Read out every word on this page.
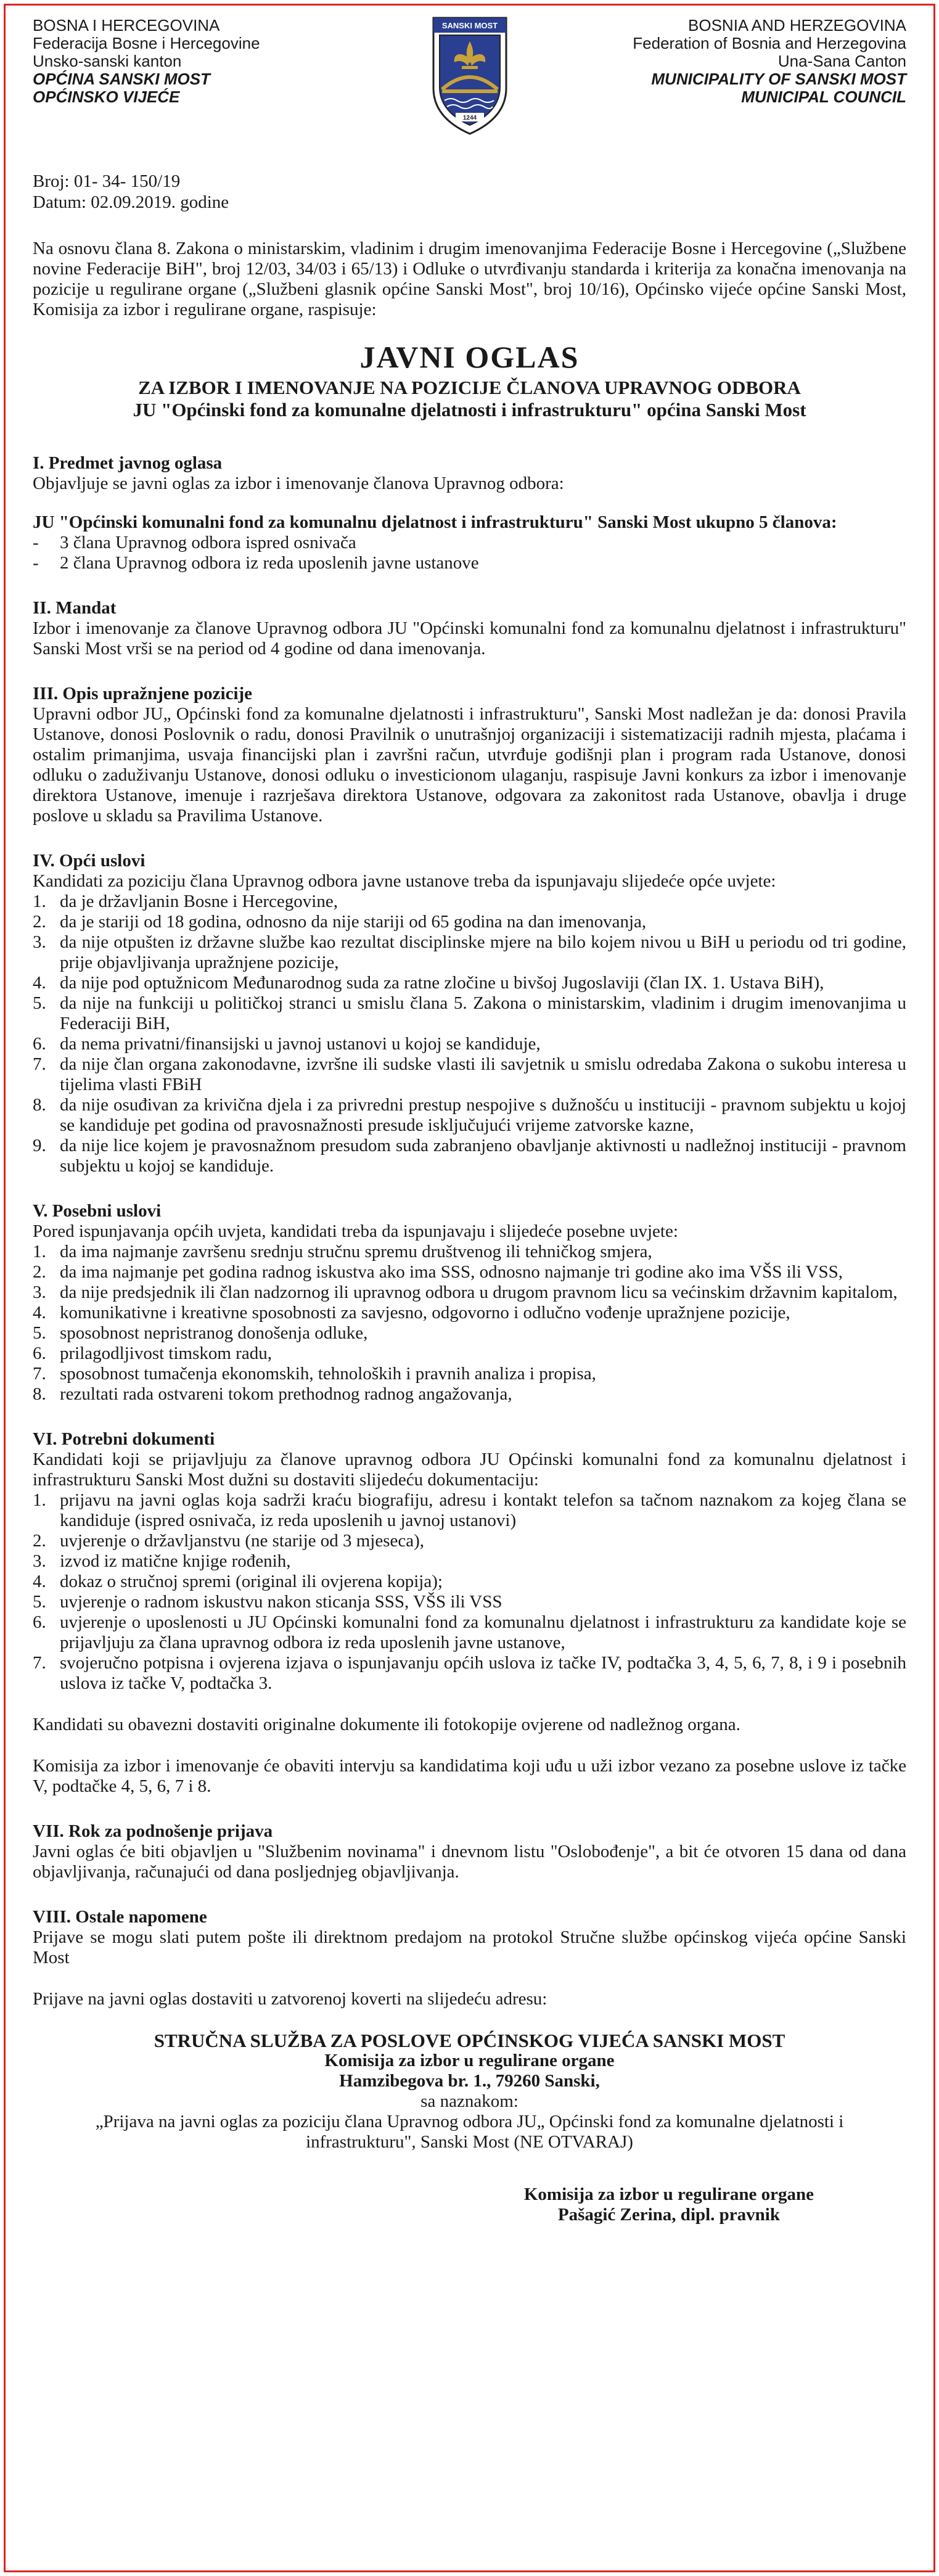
BOSNA I HERCEGOVINA
Federacija Bosne i Hercegovine
Unsko-sanski kanton
OPĆINA SANSKI MOST
OPĆINSKO VIJEĆE
SANSKI MOST
1244
BOSNIA AND HERZEGOVINA
Federation of Bosnia and Herzegovina
Una-Sana Canton
MUNICIPALITY OF SANSKI MOST
MUNICIPAL COUNCIL
Broj: 01- 34- 150/19
Datum: 02.09.2019. godine

Na osnovu člana 8. Zakona o ministarskim, vladinim i drugim imenovanjima Federacije Bosne i Hercegovine („Službene novine Federacije BiH", broj 12/03, 34/03 i 65/13) i Odluke o utvrđivanju standarda i kriterija za konačna imenovanja na pozicije u regulirane organe („Službeni glasnik općine Sanski Most", broj 10/16), Općinsko vijeće općine Sanski Most, Komisija za izbor i regulirane organe, raspisuje:

JAVNI OGLAS
ZA IZBOR I IMENOVANJE NA POZICIJE ČLANOVA UPRAVNOG ODBORA
JU "Općinski fond za komunalne djelatnosti i infrastrukturu" općina Sanski Most
I. Predmet javnog oglasa

Objavljuje se javni oglas za izbor i imenovanje članova Upravnog odbora:

JU "Općinski komunalni fond za komunalnu djelatnost i infrastrukturu" Sanski Most ukupno 5 članova:

- 3 člana Upravnog odbora ispred osnivača
- 2 člana Upravnog odbora iz reda uposlenih javne ustanove
II. Mandat

Izbor i imenovanje za članove Upravnog odbora JU "Općinski komunalni fond za komunalnu djelatnost i infrastrukturu" Sanski Most vrši se na period od 4 godine od dana imenovanja.

III. Opis upražnjene pozicije

Upravni odbor JU„ Općinski fond za komunalne djelatnosti i infrastrukturu", Sanski Most nadležan je da: donosi Pravila Ustanove, donosi Poslovnik o radu, donosi Pravilnik o unutrašnjoj organizaciji i sistematizaciji radnih mjesta, plaćama i ostalim primanjima, usvaja financijski plan i završni račun, utvrđuje godišnji plan i program rada Ustanove, donosi odluku o zaduživanju Ustanove, donosi odluku o investicionom ulaganju, raspisuje Javni konkurs za izbor i imenovanje direktora Ustanove, imenuje i razrješava direktora Ustanove, odgovara za zakonitost rada Ustanove, obavlja i druge poslove u skladu sa Pravilima Ustanove.

IV. Opći uslovi

Kandidati za poziciju člana Upravnog odbora javne ustanove treba da ispunjavaju slijedeće opće uvjete:

1. da je državljanin Bosne i Hercegovine,
2. da je stariji od 18 godina, odnosno da nije stariji od 65 godina na dan imenovanja,
3. da nije otpušten iz državne službe kao rezultat disciplinske mjere na bilo kojem nivou u BiH u periodu od tri godine, prije objavljivanja upražnjene pozicije,
4. da nije pod optužnicom Međunarodnog suda za ratne zločine u bivšoj Jugoslaviji (član IX. 1. Ustava BiH),
5. da nije na funkciji u političkoj stranci u smislu člana 5. Zakona o ministarskim, vladinim i drugim imenovanjima u Federaciji BiH,
6. da nema privatni/finansijski u javnoj ustanovi u kojoj se kandiduje,
7. da nije član organa zakonodavne, izvršne ili sudske vlasti ili savjetnik u smislu odredaba Zakona o sukobu interesa u tijelima vlasti FBiH
8. da nije osuđivan za krivična djela i za privredni prestup nespojive s dužnošću u instituciji - pravnom subjektu u kojoj se kandiduje pet godina od pravosnažnosti presude isključujući vrijeme zatvorske kazne,
9. da nije lice kojem je pravosnažnom presudom suda zabranjeno obavljanje aktivnosti u nadležnoj instituciji - pravnom subjektu u kojoj se kandiduje.
V. Posebni uslovi

Pored ispunjavanja općih uvjeta, kandidati treba da ispunjavaju i slijedeće posebne uvjete:

1. da ima najmanje završenu srednju stručnu spremu društvenog ili tehničkog smjera,
2. da ima najmanje pet godina radnog iskustva ako ima SSS, odnosno najmanje tri godine ako ima VŠS ili VSS,
3. da nije predsjednik ili član nadzornog ili upravnog odbora u drugom pravnom licu sa većinskim državnim kapitalom,
4. komunikativne i kreativne sposobnosti za savjesno, odgovorno i odlučno vođenje upražnjene pozicije,
5. sposobnost nepristranog donošenja odluke,
6. prilagodljivost timskom radu,
7. sposobnost tumačenja ekonomskih, tehnoloških i pravnih analiza i propisa,
8. rezultati rada ostvareni tokom prethodnog radnog angažovanja,
VI. Potrebni dokumenti

Kandidati koji se prijavljuju za članove upravnog odbora JU Općinski komunalni fond za komunalnu djelatnost i infrastrukturu Sanski Most dužni su dostaviti slijedeću dokumentaciju:

1. prijavu na javni oglas koja sadrži kraću biografiju, adresu i kontakt telefon sa tačnom naznakom za kojeg člana se kandiduje (ispred osnivača, iz reda uposlenih u javnoj ustanovi)
2. uvjerenje o državljanstvu (ne starije od 3 mjeseca),
3. izvod iz matične knjige rođenih,
4. dokaz o stručnoj spremi (original ili ovjerena kopija);
5. uvjerenje o radnom iskustvu nakon sticanja SSS, VŠS ili VSS
6. uvjerenje o uposlenosti u JU Općinski komunalni fond za komunalnu djelatnost i infrastrukturu za kandidate koje se prijavljuju za člana upravnog odbora iz reda uposlenih javne ustanove,
7. svojeručno potpisna i ovjerena izjava o ispunjavanju općih uslova iz tačke IV, podtačka 3, 4, 5, 6, 7, 8, i 9 i posebnih uslova iz tačke V, podtačka 3.

Kandidati su obavezni dostaviti originalne dokumente ili fotokopije ovjerene od nadležnog organa.

Komisija za izbor i imenovanje će obaviti intervju sa kandidatima koji uđu u uži izbor vezano za posebne uslove iz tačke V, podtačke 4, 5, 6, 7 i 8.

VII. Rok za podnošenje prijava

Javni oglas će biti objavljen u "Službenim novinama" i dnevnom listu "Oslobođenje", a bit će otvoren 15 dana od dana objavljivanja, računajući od dana posljednjeg objavljivanja.

VIII. Ostale napomene

Prijave se mogu slati putem pošte ili direktnom predajom na protokol Stručne službe općinskog vijeća općine Sanski Most

Prijave na javni oglas dostaviti u zatvorenoj koverti na slijedeću adresu:

STRUČNA SLUŽBA ZA POSLOVE OPĆINSKOG VIJEĆA SANSKI MOST
Komisija za izbor u regulirane organe
Hamzibegova br. 1., 79260 Sanski,
sa naznakom:
„Prijava na javni oglas za poziciju člana Upravnog odbora JU„ Općinski fond za komunalne djelatnosti i infrastrukturu", Sanski Most (NE OTVARAJ)
Komisija za izbor u regulirane organe
Pašagić Zerina, dipl. pravnik
